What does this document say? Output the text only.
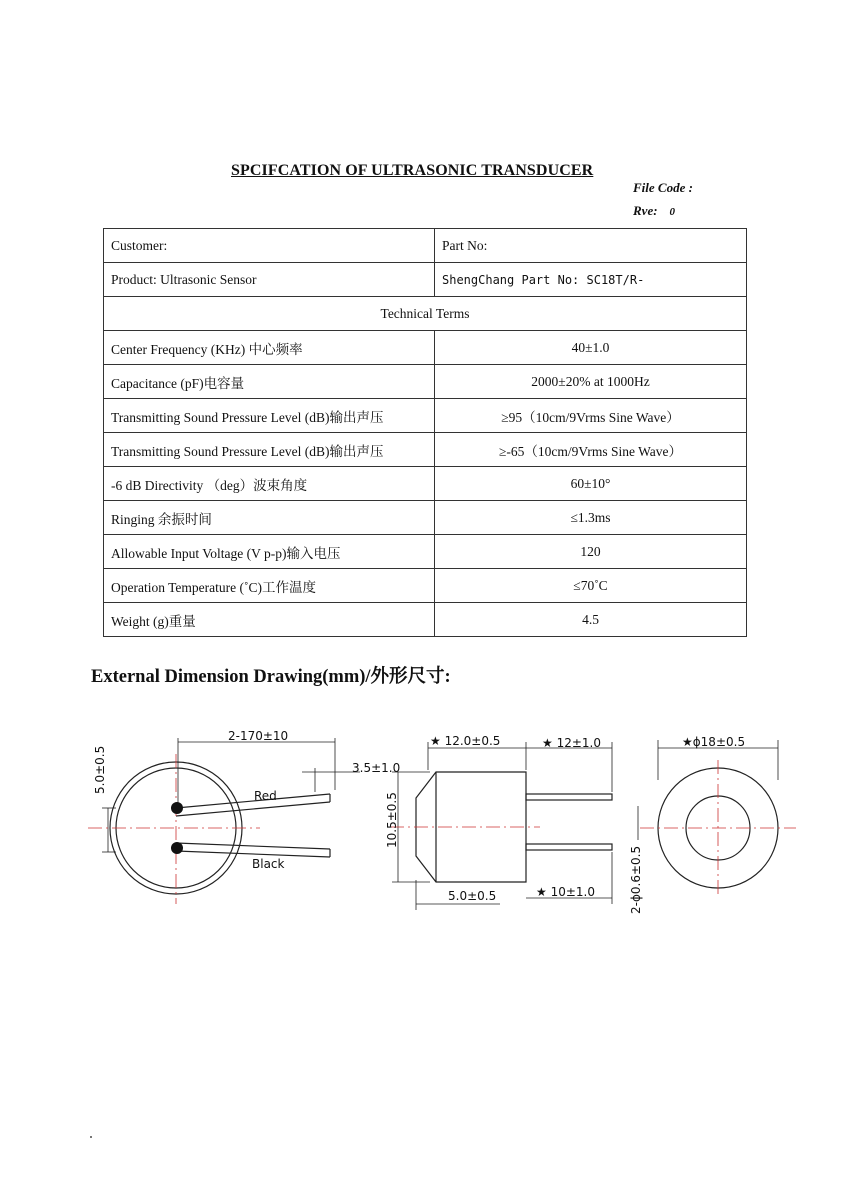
SPCIFCATION OF ULTRASONIC TRANSDUCER
File Code :
Rve: 0
Customer:	Part No:
Product: Ultrasonic Sensor	ShengChang Part No: SC18T/R-
Technical Terms	
Center Frequency (KHz) 中心频率	40±1.0
Capacitance (pF)电容量	2000±20% at 1000Hz
Transmitting Sound Pressure Level (dB)输出声压	≥95（10cm/9Vrms Sine Wave）
Transmitting Sound Pressure Level (dB)输出声压	≥-65（10cm/9Vrms Sine Wave）
-6 dB Directivity （deg）波束角度	60±10°
Ringing 余振时间	≤1.3ms
Allowable Input Voltage (V p-p)输入电压	120
Operation Temperature (˚C)工作温度	≤70˚C
Weight (g)重量	4.5
External Dimension Drawing(mm)/外形尺寸:
2-170±10
3.5±1.0
5.0±0.5
Red
Black
★ 12.0±0.5	★ 12±1.0
10.5±0.5
5.0±0.5	★ 10±1.0
★ϕ18±0.5
2-ϕ0.6±0.5
